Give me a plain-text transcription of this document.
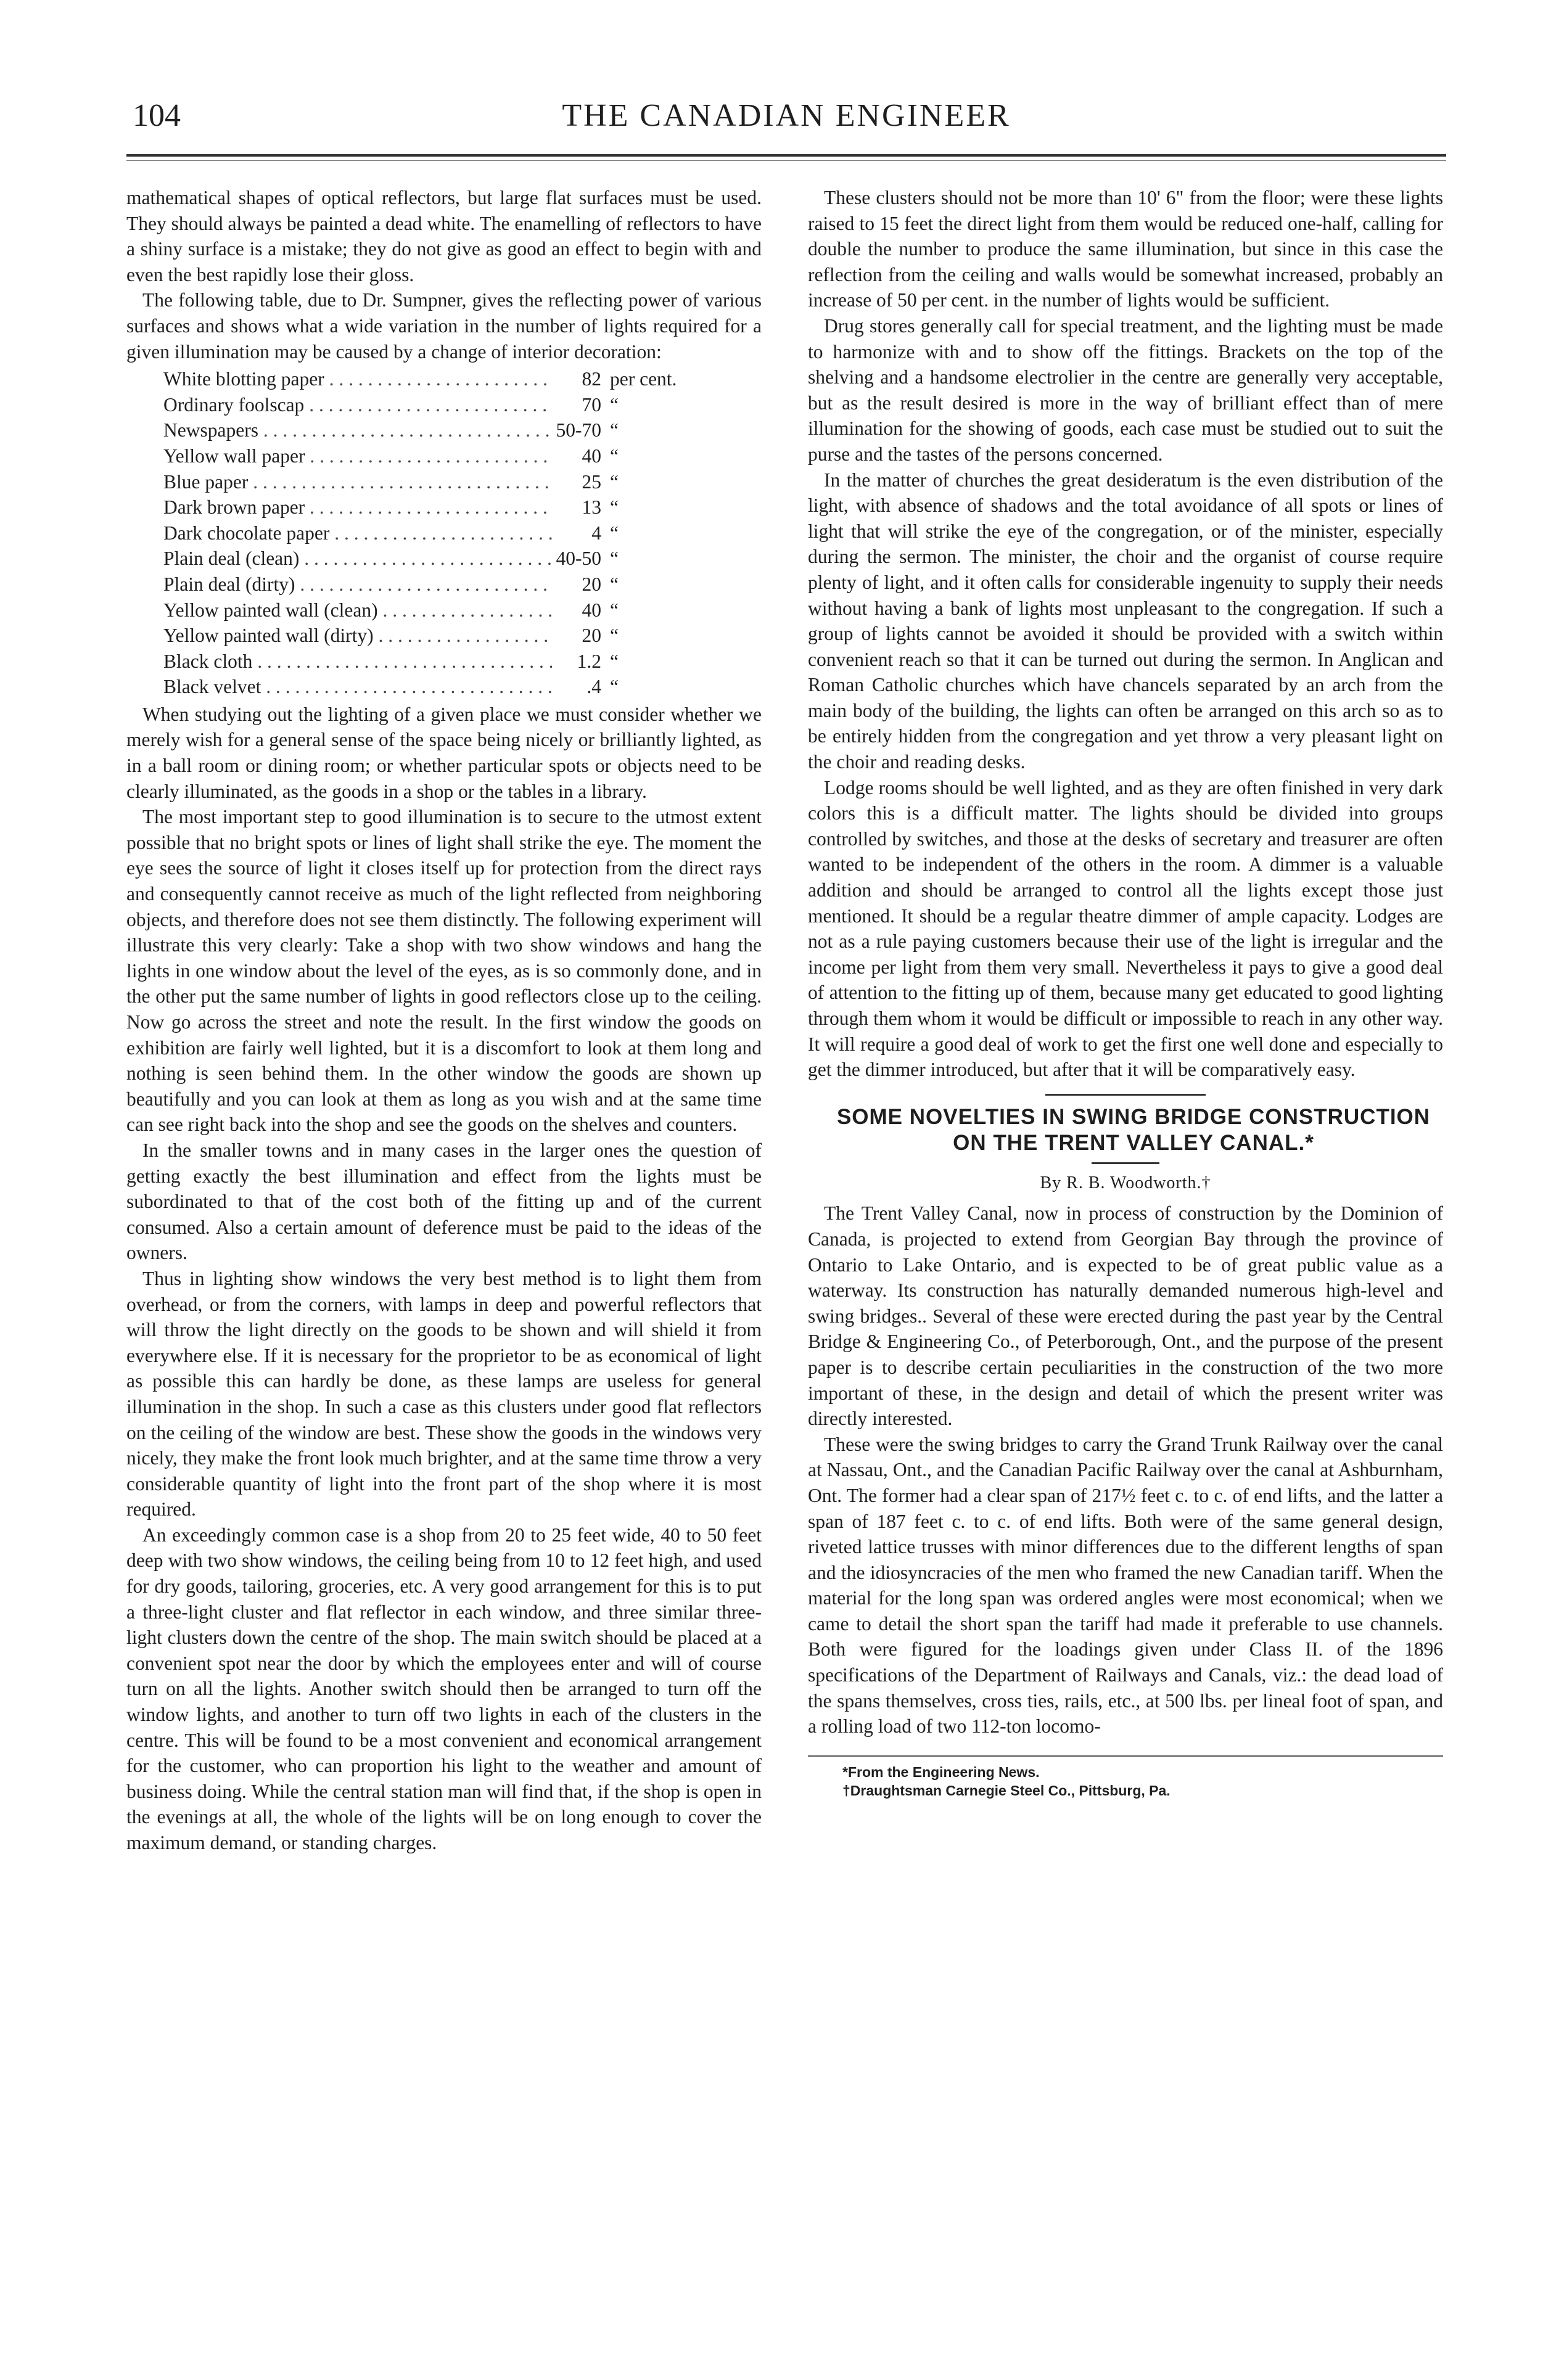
104	THE CANADIAN ENGINEER

mathematical shapes of optical reflectors, but large flat surfaces must be used. They should always be painted a dead white. The enamelling of reflectors to have a shiny surface is a mistake; they do not give as good an effect to begin with and even the best rapidly lose their gloss.

The following table, due to Dr. Sumpner, gives the reflecting power of various surfaces and shows what a wide variation in the number of lights required for a given illumination may be caused by a change of interior decoration:

White blotting paper . . .	82 per cent.
Ordinary foolscap . . .	70 “
Newspapers . . .	50-70 “
Yellow wall paper . . .	40 “
Blue paper . . .	25 “
Dark brown paper . . .	13 “
Dark chocolate paper . . .	4 “
Plain deal (clean) . . .	40-50 “
Plain deal (dirty) . . .	20 “
Yellow painted wall (clean) . . .	40 “
Yellow painted wall (dirty) . . .	20 “
Black cloth . . .	1.2 “
Black velvet . . .	.4 “

When studying out the lighting of a given place we must consider whether we merely wish for a general sense of the space being nicely or brilliantly lighted, as in a ball room or dining room; or whether particular spots or objects need to be clearly illuminated, as the goods in a shop or the tables in a library.

The most important step to good illumination is to secure to the utmost extent possible that no bright spots or lines of light shall strike the eye. The moment the eye sees the source of light it closes itself up for protection from the direct rays and consequently cannot receive as much of the light reflected from neighboring objects, and therefore does not see them distinctly. The following experiment will illustrate this very clearly: Take a shop with two show windows and hang the lights in one window about the level of the eyes, as is so commonly done, and in the other put the same number of lights in good reflectors close up to the ceiling. Now go across the street and note the result. In the first window the goods on exhibition are fairly well lighted, but it is a discomfort to look at them long and nothing is seen behind them. In the other window the goods are shown up beautifully and you can look at them as long as you wish and at the same time can see right back into the shop and see the goods on the shelves and counters.

In the smaller towns and in many cases in the larger ones the question of getting exactly the best illumination and effect from the lights must be subordinated to that of the cost both of the fitting up and of the current consumed. Also a certain amount of deference must be paid to the ideas of the owners.

Thus in lighting show windows the very best method is to light them from overhead, or from the corners, with lamps in deep and powerful reflectors that will throw the light directly on the goods to be shown and will shield it from everywhere else. If it is necessary for the proprietor to be as economical of light as possible this can hardly be done, as these lamps are useless for general illumination in the shop. In such a case as this clusters under good flat reflectors on the ceiling of the window are best. These show the goods in the windows very nicely, they make the front look much brighter, and at the same time throw a very considerable quantity of light into the front part of the shop where it is most required.

An exceedingly common case is a shop from 20 to 25 feet wide, 40 to 50 feet deep with two show windows, the ceiling being from 10 to 12 feet high, and used for dry goods, tailoring, groceries, etc. A very good arrangement for this is to put a three-light cluster and flat reflector in each window, and three similar three-light clusters down the centre of the shop. The main switch should be placed at a convenient spot near the door by which the employees enter and will of course turn on all the lights. Another switch should then be arranged to turn off the window lights, and another to turn off two lights in each of the clusters in the centre. This will be found to be a most convenient and economical arrangement for the customer, who can proportion his light to the weather and amount of business doing. While the central station man will find that, if the shop is open in the evenings at all, the whole of the lights will be on long enough to cover the maximum demand, or standing charges.

These clusters should not be more than 10' 6" from the floor; were these lights raised to 15 feet the direct light from them would be reduced one-half, calling for double the number to produce the same illumination, but since in this case the reflection from the ceiling and walls would be somewhat increased, probably an increase of 50 per cent. in the number of lights would be sufficient.

Drug stores generally call for special treatment, and the lighting must be made to harmonize with and to show off the fittings. Brackets on the top of the shelving and a handsome electrolier in the centre are generally very acceptable, but as the result desired is more in the way of brilliant effect than of mere illumination for the showing of goods, each case must be studied out to suit the purse and the tastes of the persons concerned.

In the matter of churches the great desideratum is the even distribution of the light, with absence of shadows and the total avoidance of all spots or lines of light that will strike the eye of the congregation, or of the minister, especially during the sermon. The minister, the choir and the organist of course require plenty of light, and it often calls for considerable ingenuity to supply their needs without having a bank of lights most unpleasant to the congregation. If such a group of lights cannot be avoided it should be provided with a switch within convenient reach so that it can be turned out during the sermon. In Anglican and Roman Catholic churches which have chancels separated by an arch from the main body of the building, the lights can often be arranged on this arch so as to be entirely hidden from the congregation and yet throw a very pleasant light on the choir and reading desks.

Lodge rooms should be well lighted, and as they are often finished in very dark colors this is a difficult matter. The lights should be divided into groups controlled by switches, and those at the desks of secretary and treasurer are often wanted to be independent of the others in the room. A dimmer is a valuable addition and should be arranged to control all the lights except those just mentioned. It should be a regular theatre dimmer of ample capacity. Lodges are not as a rule paying customers because their use of the light is irregular and the income per light from them very small. Nevertheless it pays to give a good deal of attention to the fitting up of them, because many get educated to good lighting through them whom it would be difficult or impossible to reach in any other way. It will require a good deal of work to get the first one well done and especially to get the dimmer introduced, but after that it will be comparatively easy.

SOME NOVELTIES IN SWING BRIDGE CONSTRUCTION

ON THE TRENT VALLEY CANAL.*

By R. B. Woodworth.†

The Trent Valley Canal, now in process of construction by the Dominion of Canada, is projected to extend from Georgian Bay through the province of Ontario to Lake Ontario, and is expected to be of great public value as a waterway. Its construction has naturally demanded numerous high-level and swing bridges.. Several of these were erected during the past year by the Central Bridge & Engineering Co., of Peterborough, Ont., and the purpose of the present paper is to describe certain peculiarities in the construction of the two more important of these, in the design and detail of which the present writer was directly interested.

These were the swing bridges to carry the Grand Trunk Railway over the canal at Nassau, Ont., and the Canadian Pacific Railway over the canal at Ashburnham, Ont. The former had a clear span of 217½ feet c. to c. of end lifts, and the latter a span of 187 feet c. to c. of end lifts. Both were of the same general design, riveted lattice trusses with minor differences due to the different lengths of span and the idiosyncracies of the men who framed the new Canadian tariff. When the material for the long span was ordered angles were most economical; when we came to detail the short span the tariff had made it preferable to use channels. Both were figured for the loadings given under Class II. of the 1896 specifications of the Department of Railways and Canals, viz.: the dead load of the spans themselves, cross ties, rails, etc., at 500 lbs. per lineal foot of span, and a rolling load of two 112-ton locomo-

*From the Engineering News.

†Draughtsman Carnegie Steel Co., Pittsburg, Pa.
